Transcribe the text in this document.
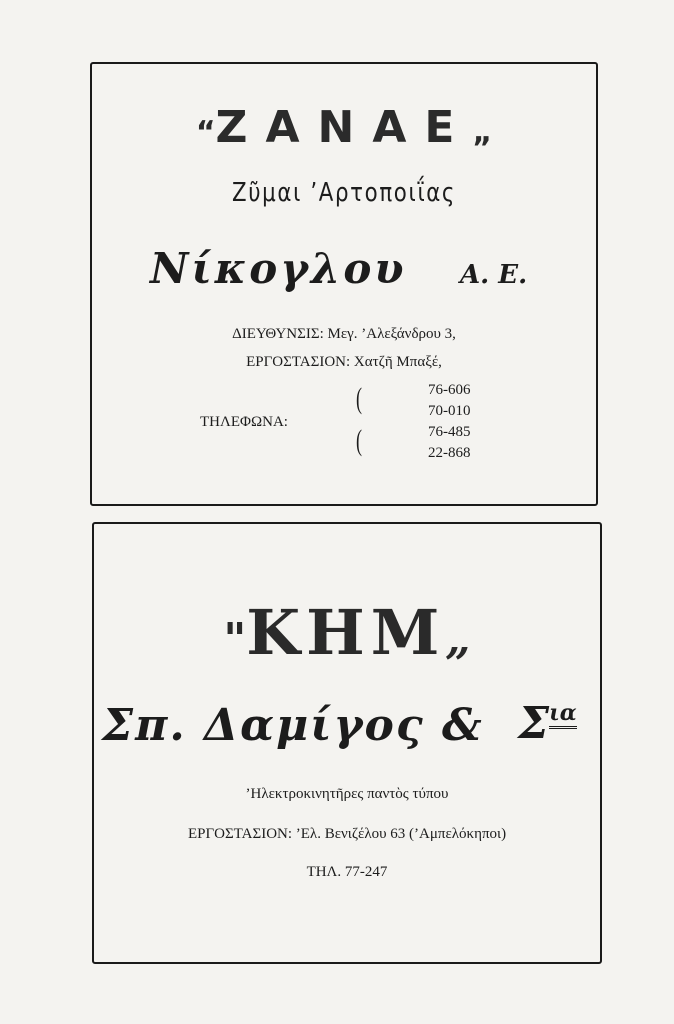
“ΖΑΝΑΕ„
Ζῦμαι ’Αρτοποιΐας
Νίκογλου Α. Ε.
ΔΙΕΥΘΥΝΣΙΣ: Μεγ. ’Αλεξάνδρου 3,
ΕΡΓΟΣΤΑΣΙΟΝ: Χατζῆ Μπαξέ,
ΤΗΛΕΦΩΝΑ:
(
(
76-606
70-010
76-485
22-868
"ΚΗΜ„
Σπ. Δαμίγος & $\Sigma^{\iota\alpha}$
’Ηλεκτροκινητῆρες παντὸς τύπου
ΕΡΓΟΣΤΑΣΙΟΝ: ’Ελ. Βενιζέλου 63 (’Αμπελόκηποι)
ΤΗΛ. 77-247
